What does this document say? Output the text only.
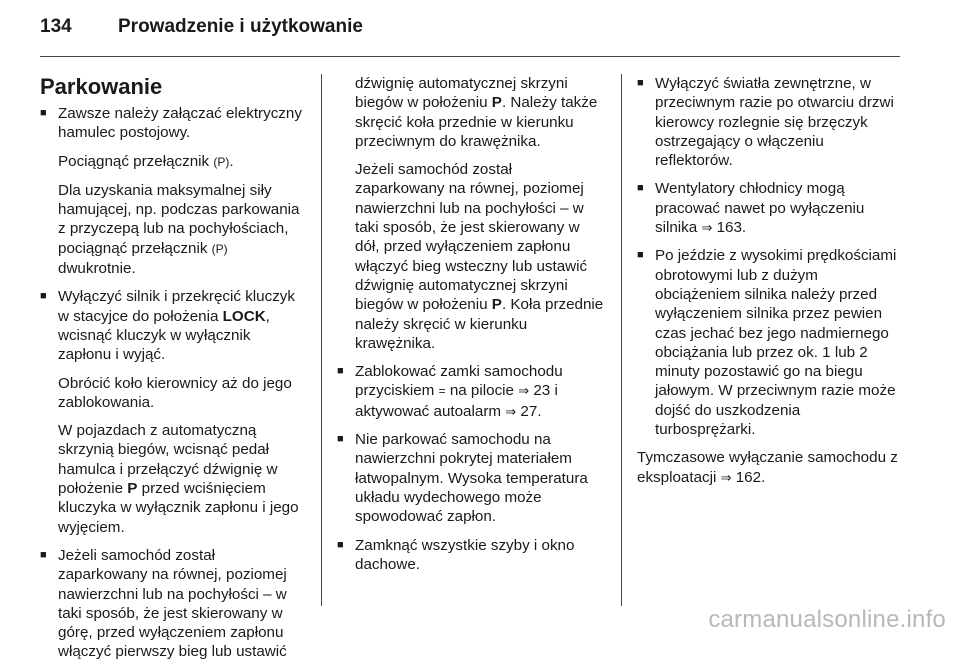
134	Prowadzenie i użytkowanie
Parkowanie
■ Zawsze należy załączać elektryczny hamulec postojowy.
Pociągnąć przełącznik (P).
Dla uzyskania maksymalnej siły hamującej, np. podczas parkowania z przyczepą lub na pochyłościach, pociągnąć przełącznik (P) dwukrotnie.
■ Wyłączyć silnik i przekręcić kluczyk w stacyjce do położenia LOCK, wcisnąć kluczyk w wyłącznik zapłonu i wyjąć.
Obrócić koło kierownicy aż do jego zablokowania.
W pojazdach z automatyczną skrzynią biegów, wcisnąć pedał hamulca i przełączyć dźwignię w położenie P przed wciśnięciem kluczyka w wyłącznik zapłonu i jego wyjęciem.
■ Jeżeli samochód został zaparkowany na równej, poziomej nawierzchni lub na pochyłości – w taki sposób, że jest skierowany w górę, przed wyłączeniem zapłonu włączyć pierwszy bieg lub ustawić
dźwignię automatycznej skrzyni biegów w położeniu P. Należy także skręcić koła przednie w kierunku przeciwnym do krawężnika.
Jeżeli samochód został zaparkowany na równej, poziomej nawierzchni lub na pochyłości – w taki sposób, że jest skierowany w dół, przed wyłączeniem zapłonu włączyć bieg wsteczny lub ustawić dźwignię automatycznej skrzyni biegów w położeniu P. Koła przednie należy skręcić w kierunku krawężnika.
■ Zablokować zamki samochodu przyciskiem = na pilocie ⇒ 23 i aktywować autoalarm ⇒ 27.
■ Nie parkować samochodu na nawierzchni pokrytej materiałem łatwopalnym. Wysoka temperatura układu wydechowego może spowodować zapłon.
■ Zamknąć wszystkie szyby i okno dachowe.
■ Wyłączyć światła zewnętrzne, w przeciwnym razie po otwarciu drzwi kierowcy rozlegnie się brzęczyk ostrzegający o włączeniu reflektorów.
■ Wentylatory chłodnicy mogą pracować nawet po wyłączeniu silnika ⇒ 163.
■ Po jeździe z wysokimi prędkościami obrotowymi lub z dużym obciążeniem silnika należy przed wyłączeniem silnika przez pewien czas jechać bez jego nadmiernego obciążania lub przez ok. 1 lub 2 minuty pozostawić go na biegu jałowym. W przeciwnym razie może dojść do uszkodzenia turbosprężarki.
Tymczasowe wyłączanie samochodu z eksploatacji ⇒ 162.
carmanualsonline.info
